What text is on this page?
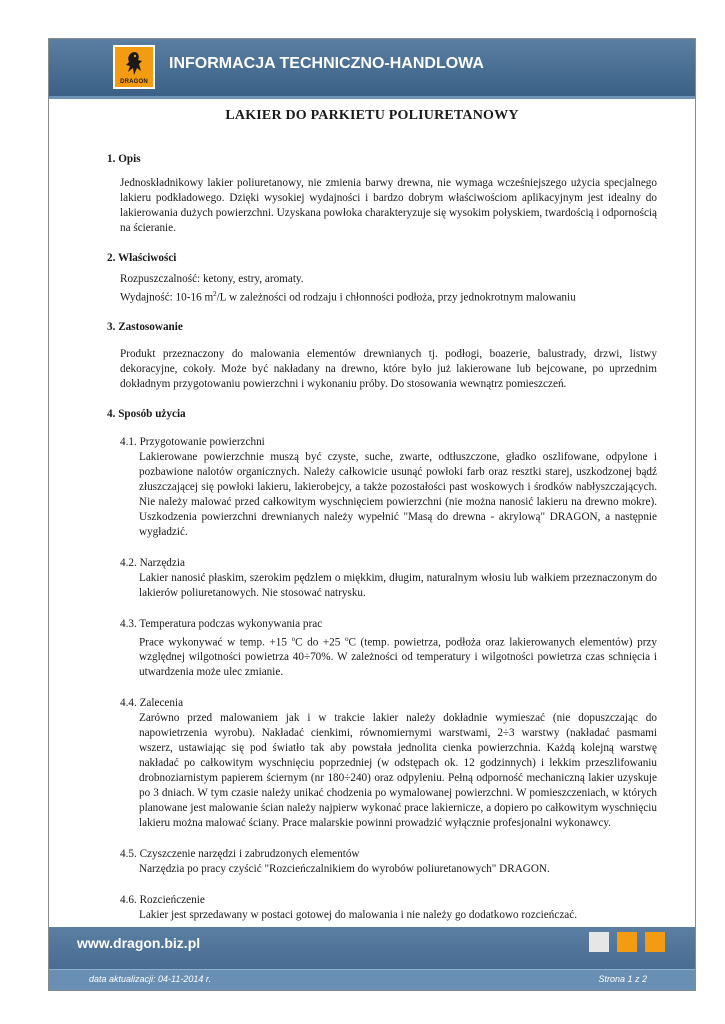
DRAGON
INFORMACJA TECHNICZNO-HANDLOWA
LAKIER DO PARKIETU POLIURETANOWY
1. Opis

Jednoskładnikowy lakier poliuretanowy, nie zmienia barwy drewna, nie wymaga wcześniejszego użycia specjalnego lakieru podkładowego. Dzięki wysokiej wydajności i bardzo dobrym właściwościom aplikacyjnym jest idealny do lakierowania dużych powierzchni. Uzyskana powłoka charakteryzuje się wysokim połyskiem, twardością i odpornością na ścieranie.

2. Właściwości

Rozpuszczalność: ketony, estry, aromaty.

Wydajność: 10-16 $m^2/L$ w zależności od rodzaju i chłonności podłoża, przy jednokrotnym malowaniu

3. Zastosowanie

Produkt przeznaczony do malowania elementów drewnianych tj. podłogi, boazerie, balustrady, drzwi, listwy dekoracyjne, cokoły. Może być nakładany na drewno, które było już lakierowane lub bejcowane, po uprzednim dokładnym przygotowaniu powierzchni i wykonaniu próby. Do stosowania wewnątrz pomieszczeń.

4. Sposób użycia

4.1. Przygotowanie powierzchni

Lakierowane powierzchnie muszą być czyste, suche, zwarte, odtłuszczone, gładko oszlifowane, odpylone i pozbawione nalotów organicznych. Należy całkowicie usunąć powłoki farb oraz resztki starej, uszkodzonej bądź złuszczającej się powłoki lakieru, lakierobejcy, a także pozostałości past woskowych i środków nabłyszczających. Nie należy malować przed całkowitym wyschnięciem powierzchni (nie można nanosić lakieru na drewno mokre). Uszkodzenia powierzchni drewnianych należy wypełnić "Masą do drewna - akrylową" DRAGON, a następnie wygładzić.

4.2. Narzędzia

Lakier nanosić płaskim, szerokim pędzlem o miękkim, długim, naturalnym włosiu lub wałkiem przeznaczonym do lakierów poliuretanowych. Nie stosować natrysku.

4.3. Temperatura podczas wykonywania prac

Prace wykonywać w temp. +15 $^o$C do +25 $^o$C (temp. powietrza, podłoża oraz lakierowanych elementów) przy względnej wilgotności powietrza 40÷70%. W zależności od temperatury i wilgotności powietrza czas schnięcia i utwardzenia może ulec zmianie.

4.4. Zalecenia

Zarówno przed malowaniem jak i w trakcie lakier należy dokładnie wymieszać (nie dopuszczając do napowietrzenia wyrobu). Nakładać cienkimi, równomiernymi warstwami, 2÷3 warstwy (nakładać pasmami wszerz, ustawiając się pod światło tak aby powstała jednolita cienka powierzchnia. Każdą kolejną warstwę nakładać po całkowitym wyschnięciu poprzedniej (w odstępach ok. 12 godzinnych) i lekkim przeszlifowaniu drobnoziarnistym papierem ściernym (nr 180÷240) oraz odpyleniu. Pełną odporność mechaniczną lakier uzyskuje po 3 dniach. W tym czasie należy unikać chodzenia po wymalowanej powierzchni. W pomieszczeniach, w których planowane jest malowanie ścian należy najpierw wykonać prace lakiernicze, a dopiero po całkowitym wyschnięciu lakieru można malować ściany. Prace malarskie powinni prowadzić wyłącznie profesjonalni wykonawcy.

4.5. Czyszczenie narzędzi i zabrudzonych elementów

Narzędzia po pracy czyścić "Rozcieńczalnikiem do wyrobów poliuretanowych" DRAGON.

4.6. Rozcieńczenie

Lakier jest sprzedawany w postaci gotowej do malowania i nie należy go dodatkowo rozcieńczać.

www.dragon.biz.pl
data aktualizacji: 04-11-2014 r.	Strona 1 z 2
